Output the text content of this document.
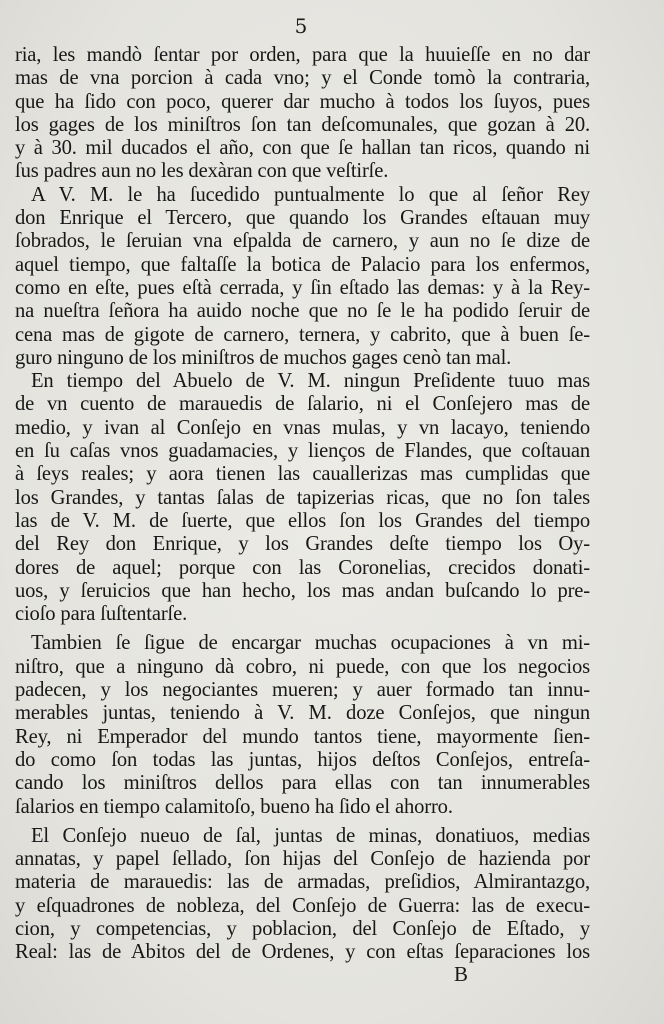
5
ria, les mandò ſentar por orden, para que la huuieſſe en no dar
mas de vna porcion à cada vno; y el Conde tomò la contraria,
que ha ſido con poco, querer dar mucho à todos los ſuyos, pues
los gages de los miniſtros ſon tan deſcomunales, que gozan à 20.
y à 30. mil ducados el año, con que ſe hallan tan ricos, quando ni
ſus padres aun no les dexàran con que veſtirſe.
A V. M. le ha ſucedido puntualmente lo que al ſeñor Rey
don Enrique el Tercero, que quando los Grandes eſtauan muy
ſobrados, le ſeruian vna eſpalda de carnero, y aun no ſe dize de
aquel tiempo, que faltaſſe la botica de Palacio para los enfermos,
como en eſte, pues eſtà cerrada, y ſin eſtado las demas: y à la Rey-
na nueſtra ſeñora ha auido noche que no ſe le ha podido ſeruir de
cena mas de gigote de carnero, ternera, y cabrito, que à buen ſe-
guro ninguno de los miniſtros de muchos gages cenò tan mal.
En tiempo del Abuelo de V. M. ningun Preſidente tuuo mas
de vn cuento de marauedis de ſalario, ni el Conſejero mas de
medio, y ivan al Conſejo en vnas mulas, y vn lacayo, teniendo
en ſu caſas vnos guadamacies, y lienços de Flandes, que coſtauan
à ſeys reales; y aora tienen las cauallerizas mas cumplidas que
los Grandes, y tantas ſalas de tapizerias ricas, que no ſon tales
las de V. M. de ſuerte, que ellos ſon los Grandes del tiempo
del Rey don Enrique, y los Grandes deſte tiempo los Oy-
dores de aquel; porque con las Coronelias, crecidos donati-
uos, y ſeruicios que han hecho, los mas andan buſcando lo pre-
cioſo para ſuſtentarſe.
Tambien ſe ſigue de encargar muchas ocupaciones à vn mi-
niſtro, que a ninguno dà cobro, ni puede, con que los negocios
padecen, y los negociantes mueren; y auer formado tan innu-
merables juntas, teniendo à V. M. doze Conſejos, que ningun
Rey, ni Emperador del mundo tantos tiene, mayormente ſien-
do como ſon todas las juntas, hijos deſtos Conſejos, entreſa-
cando los miniſtros dellos para ellas con tan innumerables
ſalarios en tiempo calamitoſo, bueno ha ſido el ahorro.
El Conſejo nueuo de ſal, juntas de minas, donatiuos, medias
annatas, y papel ſellado, ſon hijas del Conſejo de hazienda por
materia de marauedis: las de armadas, preſidios, Almirantazgo,
y eſquadrones de nobleza, del Conſejo de Guerra: las de execu-
cion, y competencias, y poblacion, del Conſejo de Eſtado, y
Real: las de Abitos del de Ordenes, y con eſtas ſeparaciones los
B
